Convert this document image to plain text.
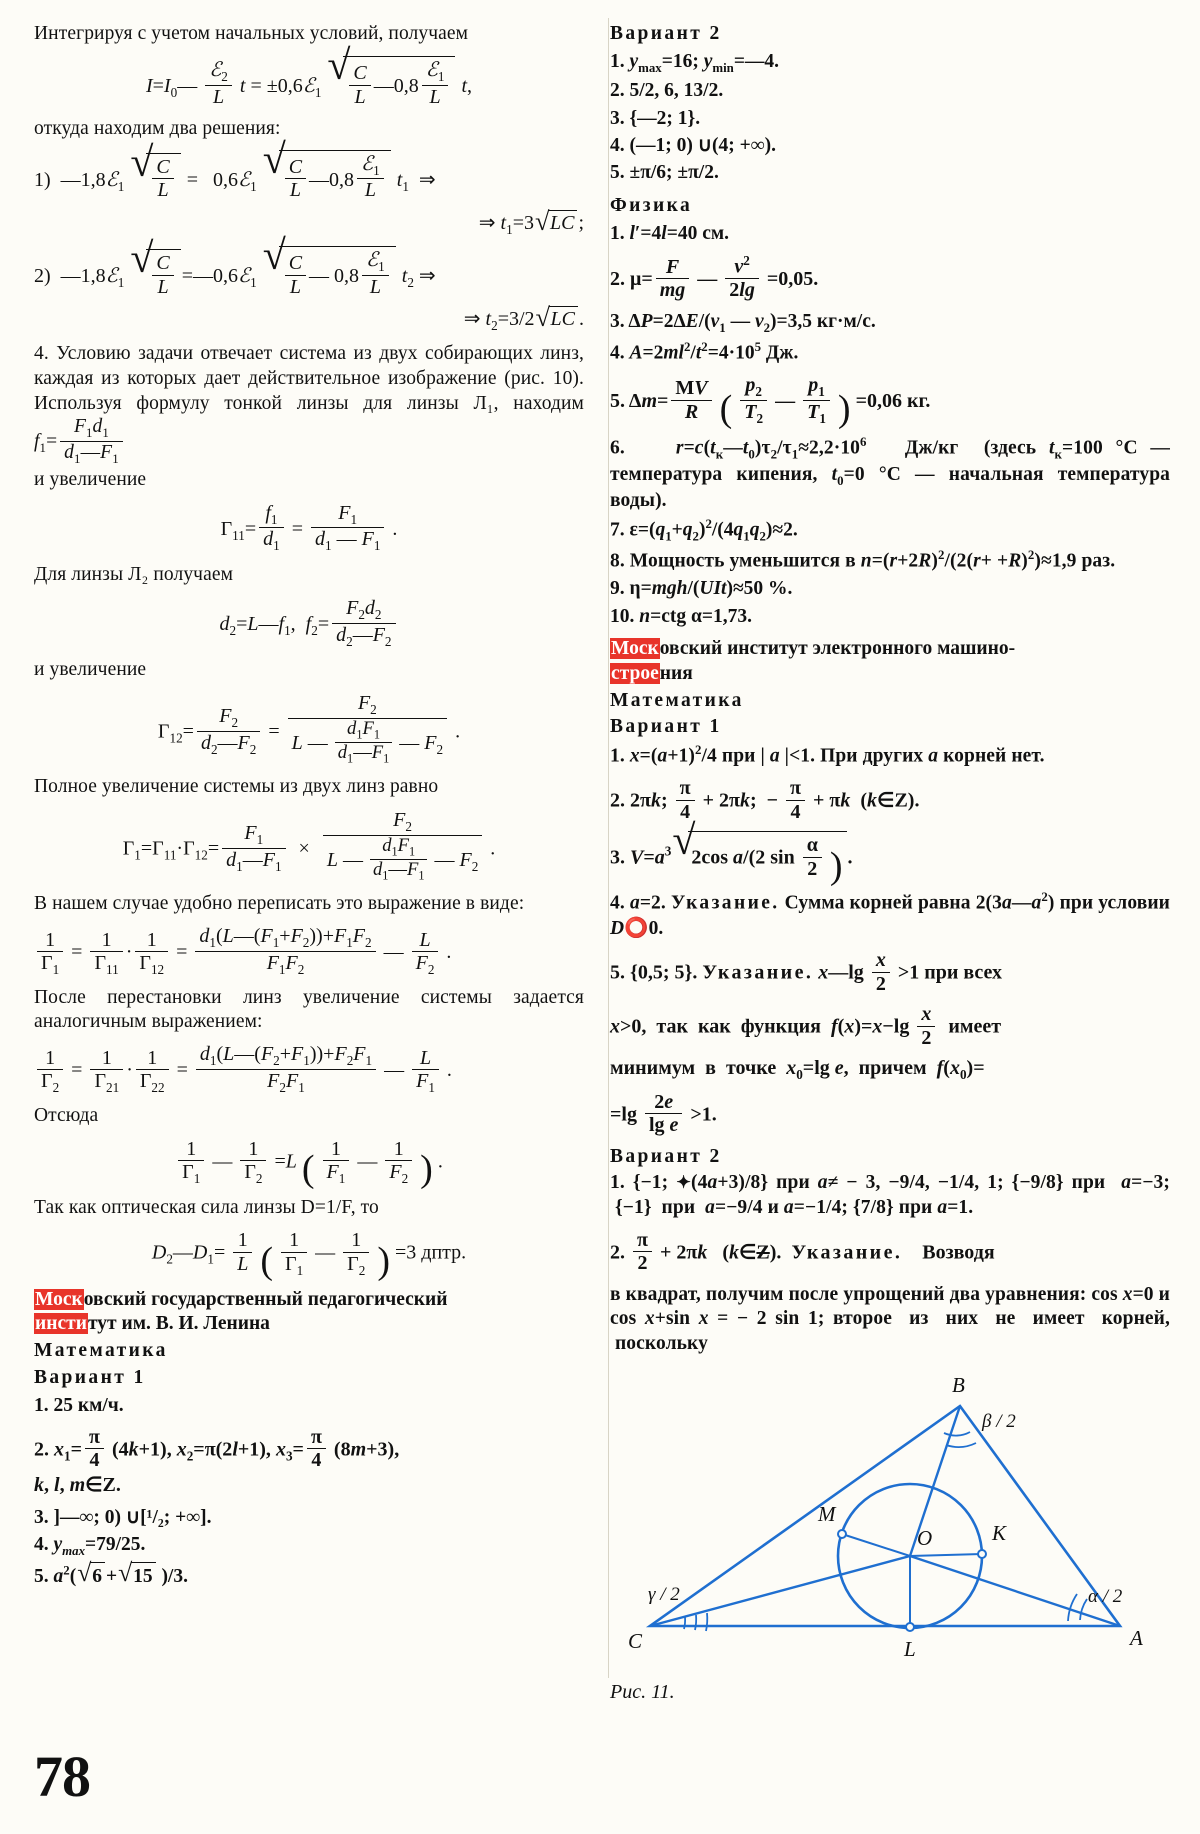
Интегрируя с учетом начальных условий, получаем

$I=I_0— \frac{ℰ_2}{L}$ t = ±0,6ℰ$_1$ √ $\frac{C}{L}$ —0,8 $\frac{ℰ_1}{L} t$,

откуда находим два решения:

1)  —1,8ℰ$_1$ √ $\frac{C}{L}$ =   0,6ℰ$_1$ √ $\frac{C}{L}$ —0,8 $\frac{ℰ_1}{L} t_1$  ⇒
⇒ $t_1=3$ √ LC ;
2)  —1,8ℰ$_1$ √ $\frac{C}{L}$ =—0,6ℰ$_1$ √ $\frac{C}{L}$ — $0,8 \frac{ℰ_1}{L} t_2$ ⇒
⇒ $t_2=3/2$ √ LC .

4. Условию задачи отвечает система из двух собирающих линз, каждая из которых дает действительное изображение (рис. 10). Используя формулу тонкой линзы для линзы Л₁, находим $f_1= \frac{F_1d_1}{d_1—F_1}$

и увеличение

$\Gamma_{11}= \frac{f_1}{d_1} = \frac{F_1}{d_1 — F_1}$ .

Для линзы Л₂ получаем

$d_2=L—f_1$,  $f_2= \frac{F_2d_2}{d_2—F_2}$

и увеличение

$\Gamma_{12}= \frac{F_2}{d_2—F_2} = \frac{F_2}{L — \frac{d_1F_1}{d_1—F_1} — F_2}$ .

Полное увеличение системы из двух линз равно

$\Gamma_1=\Gamma_{11}\cdot\Gamma_{12}= \frac{F_1}{d_1—F_1} \times \frac{F_2}{L — \frac{d_1F_1}{d_1—F_1} — F_2}$ .

В нашем случае удобно переписать это выражение в виде:

$\frac{1}{\Gamma_1} = \frac{1}{\Gamma_{11}} \cdot \frac{1}{\Gamma_{12}} = \frac{d_1(L—(F_1+F_2))+F_1F_2}{F_1F_2}$ — $\frac{L}{F_2}$ .

После перестановки линз увеличение системы задается аналогичным выражением:

$\frac{1}{\Gamma_2} = \frac{1}{\Gamma_{21}} \cdot \frac{1}{\Gamma_{22}} = \frac{d_1(L—(F_2+F_1))+F_2F_1}{F_2F_1}$ — $\frac{L}{F_1}$ .

Отсюда

$\frac{1}{\Gamma_1}$ — $\frac{1}{\Gamma_2} =L$ ( $\frac{1}{F_1}$ — $\frac{1}{F_2}$ ) .

Так как оптическая сила линзы D=1/F, то

$D_2—D_1= \frac{1}{L}$ ( $\frac{1}{\Gamma_1}$ — $\frac{1}{\Gamma_2}$ ) =3 дптр.

Московский государственный педагогический
институт им. В. И. Ленина

Математика

Вариант 1

1. 25 км/ч.

2. $x_1= \frac{\pi}{4} (4k+1)$, $x_2=\pi(2l+1)$, $x_3= \frac{\pi}{4} (8m+3)$,
k, l, m∈Z.

3. ]—∞; 0) ∪[¹/₂; +∞].

4. $y_{max}=79/25$.

5. $a^2$( √ 6 + √ 15 )/3.

Вариант 2

1. $y_{max}=16$; $y_{min}=—4$.

2. 5/2, 6, 13/2.

3. {—2; 1}.

4. (—1; 0) ∪(4; +∞).

5. ±π/6; ±π/2.

Физика

1. l′=4l=40 см.

2. $\mu= \frac{F}{mg}$ — $\frac{v^2}{2\lg} =0,05$.

3. $\Delta P=2\Delta E/(v_1$ — $v_2)=3,5$ кг·м/с.

4. $A=2ml^2/t^2=4\cdot 10^5$ Дж.

5. $\Delta m= \frac{MV}{R}$ ( $\frac{p_2}{T_2}$ — $\frac{p_1}{T_1}$ ) =0,06 кг.

6.    $r=c(t_к—t_0)\tau_2/\tau_1\approx 2,2\cdot 10^6$   Дж/кг  (здесь $t_к=100$ °C — температура кипения, $t_0=0$ °C — начальная температура воды).

7. $\varepsilon=(q_1+q_2)^2/(4q_1q_2)\approx 2$.

8. Мощность уменьшится в $n=(r+2R)^2/(2(r+ +R)^2)\approx 1,9$ раз.

9. η=mgh/(UIt)≈50 %.

10. n=ctg α=1,73.

Московский институт электронного машино-
строения

Математика

Вариант 1

1. $x=(a+1)^2/4$ при | a |<1. При других a корней нет.

2. 2πk; $\frac{\pi}{4} + 2\pi k$;  − $\frac{\pi}{4} + \pi k$  (k∈Z).
3. $V=a^3$ √ 2cos a/(2 $\sin \frac{\alpha}{2}$ ) .

4. a=2. Указание. Сумма корней равна $2(3a—a^2)$ при условии D⭕0.

5. {0,5; 5}. Указание. x—lg $\frac{x}{2} >1$ при всех
x>0,  так  как  функция  $f(x)=x-\lg \frac{x}{2}$ имеет
минимум  в  точке  $x_0=\lg$ e,  причем  $f(x_0)=$
$=\lg \frac{2e}{\text{lg e}} >1$.

Вариант 2

1. {−1; ✦(4a+3)/8} при a≠ − 3, −9/4, −1/4, 1; {−9/8} при  a=−3;  {−1}  при  a=−9/4 и a=−1/4; {7/8} при a=1.

2. $\frac{\pi}{2} + 2\pi k$   (k∈Z).  Указание.    Возводя

в квадрат, получим после упрощений два уравнения: cos x=0 и cos x+sin x = − 2 sin 1; второе  из  них  не  имеет  корней,  поскольку

B
M
K
O
C	L	A
β / 2
α / 2
γ / 2

Рис. 11.

78
